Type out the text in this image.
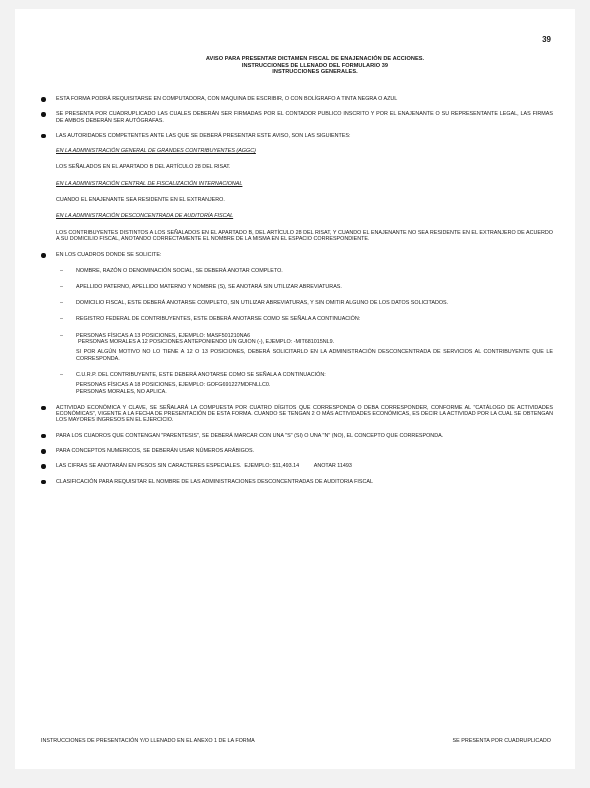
39
AVISO PARA PRESENTAR DICTAMEN FISCAL DE ENAJENACIÓN DE ACCIONES.
INSTRUCCIONES DE LLENADO DEL FORMULARIO 39
INSTRUCCIONES GENERALES.
ESTA FORMA PODRÁ REQUISITARSE EN COMPUTADORA, CON MAQUINA DE ESCRIBIR, O CON BOLÍGRAFO A TINTA NEGRA O AZUL
SE PRESENTA POR CUADRUPLICADO LAS CUALES DEBERÁN SER FIRMADAS POR EL CONTADOR PUBLICO INSCRITO Y POR EL ENAJENANTE O SU REPRESENTANTE LEGAL, LAS FIRMAS DE AMBOS DEBERÁN SER AUTÓGRAFAS.
LAS AUTORIDADES COMPETENTES ANTE LAS QUE SE DEBERÁ PRESENTAR ESTE AVISO, SON LAS SIGUIENTES:
EN LA ADMINISTRACIÓN GENERAL DE GRANDES CONTRIBUYENTES (AGGC)
LOS SEÑALADOS EN EL APARTADO B DEL ARTÍCULO 28 DEL RISAT.
EN LA ADMINISTRACIÓN CENTRAL DE FISCALIZACIÓN INTERNACIONAL
CUANDO EL ENAJENANTE SEA RESIDENTE EN EL EXTRANJERO.
EN LA ADMINISTRACIÓN DESCONCENTRADA DE AUDITORÍA FISCAL
LOS CONTRIBUYENTES DISTINTOS A LOS SEÑALADOS EN EL APARTADO B, DEL ARTÍCULO 28 DEL RISAT, Y CUANDO EL ENAJENANTE NO SEA RESIDENTE EN EL EXTRANJERO DE ACUERDO A SU DOMICILIO FISCAL, ANOTANDO CORRECTAMENTE EL NOMBRE DE LA MISMA EN EL ESPACIO CORRESPONDIENTE.
EN LOS CUADROS DONDE SE SOLICITE:
– NOMBRE, RAZÓN O DENOMINACIÓN SOCIAL, SE DEBERÁ ANOTAR COMPLETO.
– APELLIDO PATERNO, APELLIDO MATERNO Y NOMBRE (S), SE ANOTARÁ SIN UTILIZAR ABREVIATURAS.
– DOMICILIO FISCAL, ESTE DEBERÁ ANOTARSE COMPLETO, SIN UTILIZAR ABREVIATURAS, Y SIN OMITIR ALGUNO DE LOS DATOS SOLICITADOS.
– REGISTRO FEDERAL DE CONTRIBUYENTES, ESTE DEBERÁ ANOTARSE COMO SE SEÑALA A CONTINUACIÓN:
– PERSONAS FÍSICAS A 13 POSICIONES, EJEMPLO: MASF501210NA6
PERSONAS MORALES A 12 POSICIONES ANTEPONIENDO UN GUION (-), EJEMPLO: -MIT681015NL9.
SI POR ALGÚN MOTIVO NO LO TIENE A 12 O 13 POSICIONES, DEBERÁ SOLICITARLO EN LA ADMINISTRACIÓN DESCONCENTRADA DE SERVICIOS AL CONTRIBUYENTE QUE LE CORRESPONDA.
– C.U.R.P. DEL CONTRIBUYENTE, ESTE DEBERÁ ANOTARSE COMO SE SEÑALA A CONTINUACIÓN:
PERSONAS FÍSICAS A 18 POSICIONES, EJEMPLO: GOFG691227MDFNLLC0.
PERSONAS MORALES, NO APLICA.
ACTIVIDAD ECONÓMICA Y CLAVE, SE SEÑALARÁ LA COMPUESTA POR CUATRO DÍGITOS QUE CORRESPONDA O DEBA CORRESPONDER, CONFORME AL "CATÁLOGO DE ACTIVIDADES ECONÓMICAS", VIGENTE A LA FECHA DE PRESENTACIÓN DE ESTA FORMA. CUANDO SE TENGAN 2 O MÁS ACTIVIDADES ECONÓMICAS, ES DECIR LA ACTIVIDAD POR LA CUAL SE OBTENGAN LOS MAYORES INGRESOS EN EL EJERCICIO.
PARA LOS CUADROS QUE CONTENGAN "PARENTESIS", SE DEBERÁ MARCAR CON UNA "S" (SI) O UNA "N" (NO), EL CONCEPTO QUE CORRESPONDA.
PARA CONCEPTOS NUMERICOS, SE DEBERÁN USAR NÚMEROS ARÁBIGOS.
LAS CIFRAS SE ANOTARÁN EN PESOS SIN CARACTERES ESPECIALES.  EJEMPLO: $11,493.14          ANOTAR 11493
CLASIFICACIÓN PARA REQUISITAR EL NOMBRE DE LAS ADMINISTRACIONES DESCONCENTRADAS DE AUDITORIA FISCAL
INSTRUCCIONES DE PRESENTACIÓN Y/O LLENADO EN EL ANEXO 1 DE LA FORMA	SE PRESENTA POR CUADRUPLICADO
